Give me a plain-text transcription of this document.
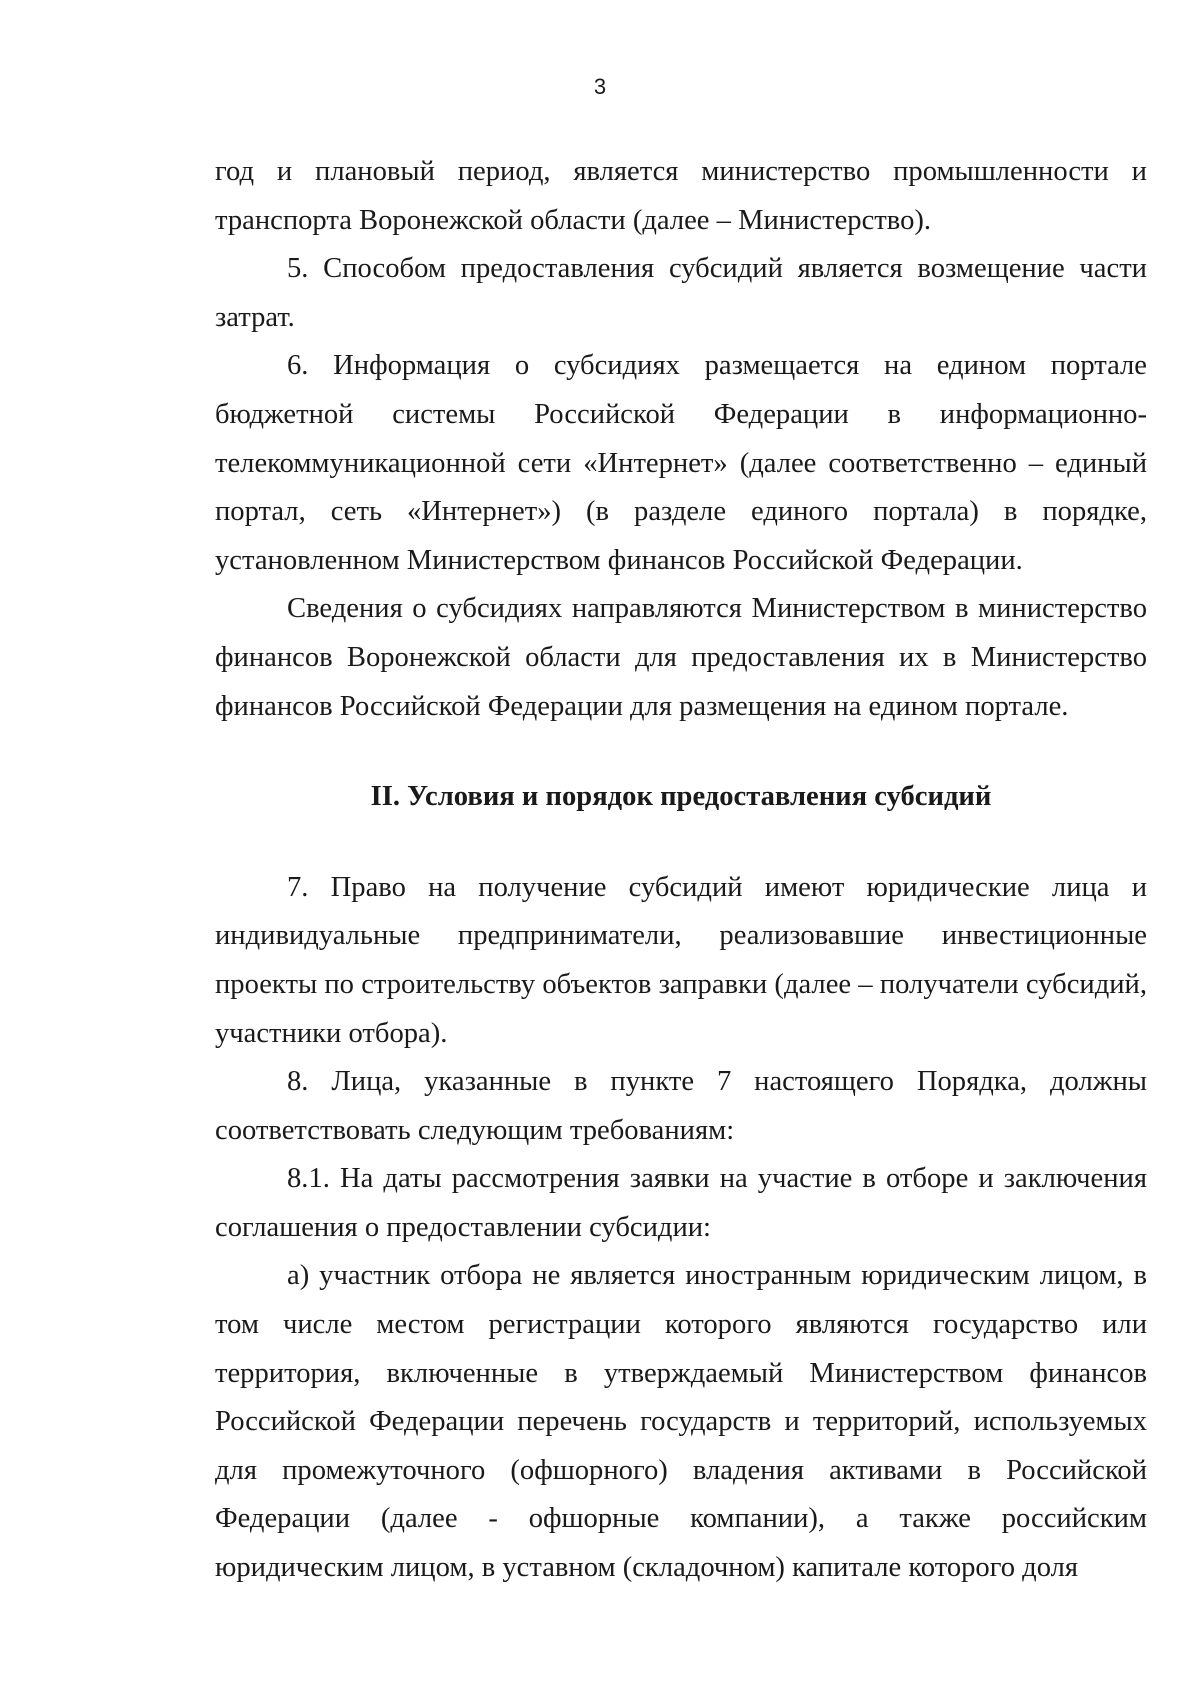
3

год и плановый период, является министерство промышленности и транспорта Воронежской области (далее – Министерство).

5. Способом предоставления субсидий является возмещение части затрат.

6. Информация о субсидиях размещается на едином портале бюджетной системы Российской Федерации в информационно-телекоммуникационной сети «Интернет» (далее соответственно – единый портал, сеть «Интернет») (в разделе единого портала) в порядке, установленном Министерством финансов Российской Федерации.

Сведения о субсидиях направляются Министерством в министерство финансов Воронежской области для предоставления их в Министерство финансов Российской Федерации для размещения на едином портале.

II. Условия и порядок предоставления субсидий

7. Право на получение субсидий имеют юридические лица и индивидуальные предприниматели, реализовавшие инвестиционные проекты по строительству объектов заправки (далее – получатели субсидий, участники отбора).

8. Лица, указанные в пункте 7 настоящего Порядка, должны соответствовать следующим требованиям:

8.1. На даты рассмотрения заявки на участие в отборе и заключения соглашения о предоставлении субсидии:

а) участник отбора не является иностранным юридическим лицом, в том числе местом регистрации которого являются государство или территория, включенные в утверждаемый Министерством финансов Российской Федерации перечень государств и территорий, используемых для промежуточного (офшорного) владения активами в Российской Федерации (далее - офшорные компании), а также российским юридическим лицом, в уставном (складочном) капитале которого доля
